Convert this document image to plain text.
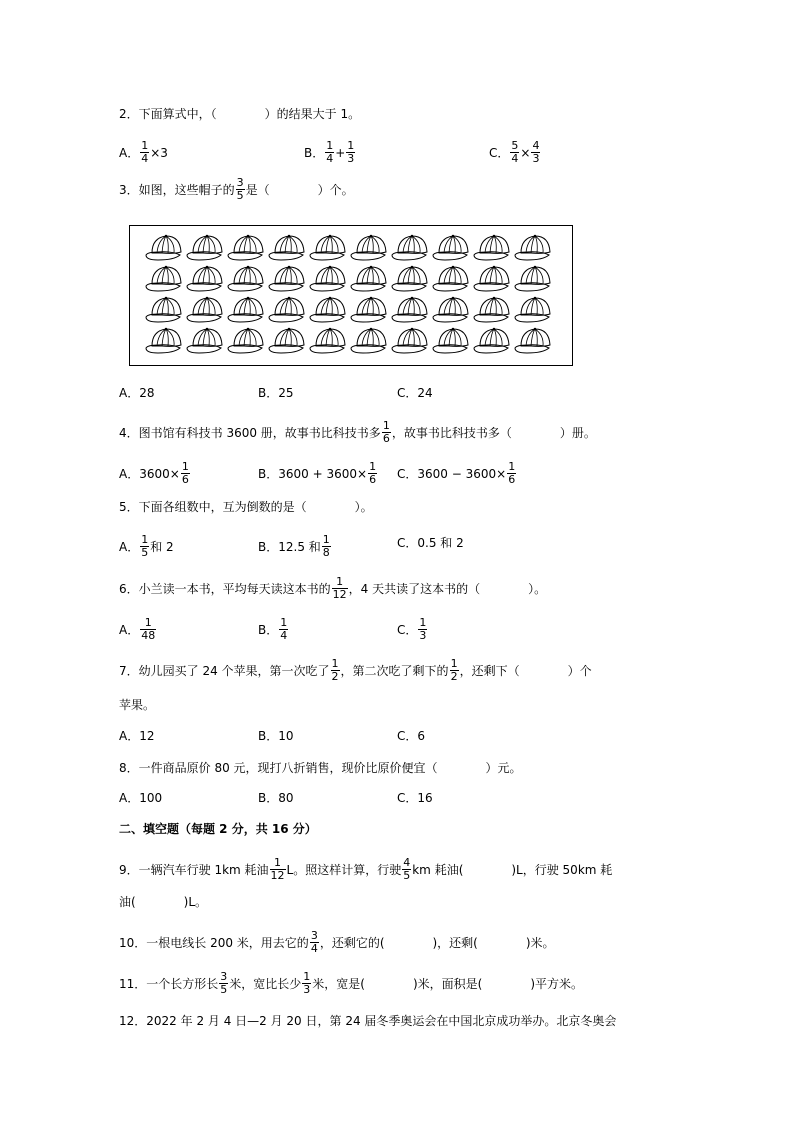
2．下面算式中，（　　　　）的结果大于 1。
A． $\frac{1}{4} \times 3$	B． $\frac{1}{4} + \frac{1}{3}$	C． $\frac{5}{4} \times \frac{4}{3}$
3．如图，这些帽子的 $\frac{3}{5}$ 是（　　　　）个。
A．28	B．25	C．24
4．图书馆有科技书 3600 册，故事书比科技书多 $\frac{1}{6}$ ，故事书比科技书多（　　　　）册。
A．$3600\times \frac{1}{6}$	B．$3600 + 3600\times \frac{1}{6}$ C．$3600 - 3600\times \frac{1}{6}$
5．下面各组数中，互为倒数的是（　　　　）。
A． $\frac{1}{5}$ 和 2	B．12.5 和 $\frac{1}{8}$	C．0.5 和 2
6．小兰读一本书，平均每天读这本书的 $\frac{1}{12}$ ，4 天共读了这本书的（　　　　）。
A． $\frac{1}{48}$	B． $\frac{1}{4}$	C． $\frac{1}{3}$
7．幼儿园买了 24 个苹果，第一次吃了 $\frac{1}{2}$ ，第二次吃了剩下的 $\frac{1}{2}$ ，还剩下（　　　　）个
苹果。
A．12	B．10	C．6
8．一件商品原价 80 元，现打八折销售，现价比原价便宜（　　　　）元。
A．100	B．80	C．16
二、填空题（每题 2 分，共 16 分）
9．一辆汽车行驶 1km 耗油 $\frac{1}{12}$ L。照这样计算，行驶 $\frac{4}{5}$ km 耗油(　　　　)L，行驶 50km 耗
油(　　　　)L。
10．一根电线长 200 米，用去它的 $\frac{3}{4}$ ，还剩它的(　　　　)，还剩(　　　　)米。
11．一个长方形长 $\frac{3}{5}$ 米，宽比长少 $\frac{1}{3}$ 米，宽是(　　　　)米，面积是(　　　　)平方米。
12．2022 年 2 月 4 日—2 月 20 日，第 24 届冬季奥运会在中国北京成功举办。北京冬奥会
